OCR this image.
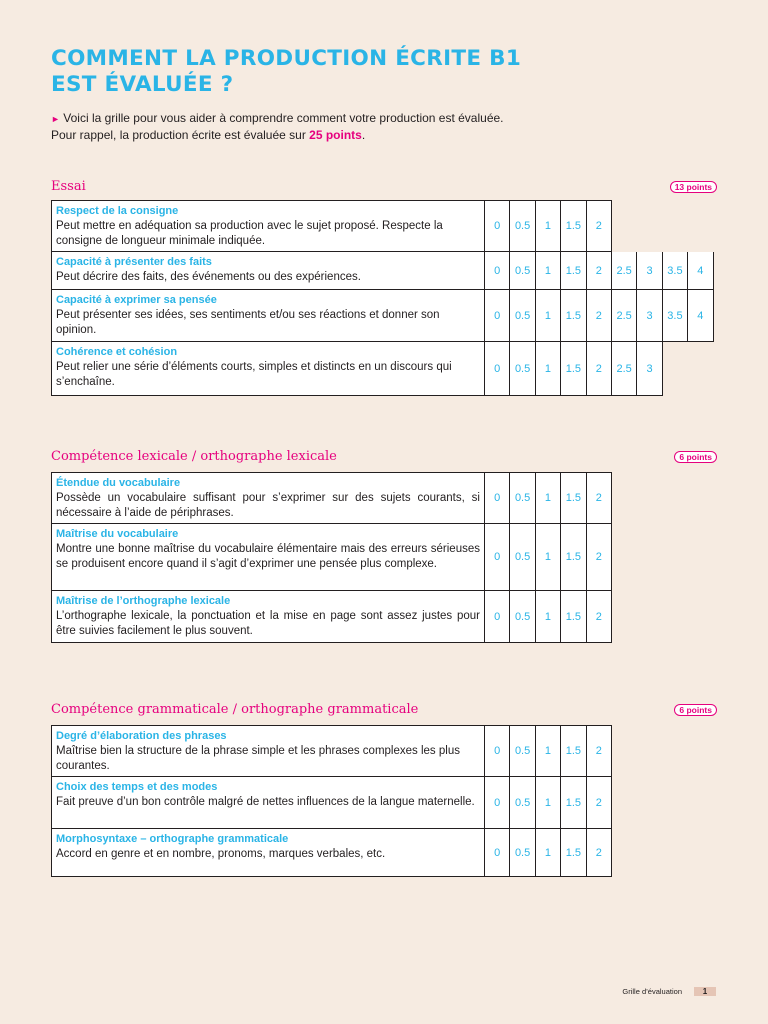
COMMENT LA PRODUCTION ÉCRITE B1
EST ÉVALUÉE ?
► Voici la grille pour vous aider à comprendre comment votre production est évaluée.
Pour rappel, la production écrite est évaluée sur 25 points.
Essai	13 points
Respect de la consigne
Peut mettre en adéquation sa production avec le sujet proposé. Respecte la consigne de longueur minimale indiquée.
0	0.5	1	1.5	2
Capacité à présenter des faits
Peut décrire des faits, des événements ou des expériences.
0	0.5	1	1.5	2	2.5	3	3.5	4
Capacité à exprimer sa pensée
Peut présenter ses idées, ses sentiments et/ou ses réactions et donner son opinion.
0	0.5	1	1.5	2	2.5	3	3.5	4
Cohérence et cohésion
Peut relier une série d’éléments courts, simples et distincts en un discours qui s’enchaîne.
0	0.5	1	1.5	2	2.5	3
Compétence lexicale / orthographe lexicale	6 points
Étendue du vocabulaire
Possède un vocabulaire suffisant pour s’exprimer sur des sujets courants, si nécessaire à l’aide de périphrases.
0	0.5	1	1.5	2
Maîtrise du vocabulaire
Montre une bonne maîtrise du vocabulaire élémentaire mais des erreurs sérieuses se produisent encore quand il s’agit d’exprimer une pensée plus complexe.
0	0.5	1	1.5	2
Maîtrise de l’orthographe lexicale
L’orthographe lexicale, la ponctuation et la mise en page sont assez justes pour être suivies facilement le plus souvent.
0	0.5	1	1.5	2
Compétence grammaticale / orthographe grammaticale	6 points
Degré d’élaboration des phrases
Maîtrise bien la structure de la phrase simple et les phrases complexes les plus courantes.
0	0.5	1	1.5	2
Choix des temps et des modes
Fait preuve d’un bon contrôle malgré de nettes influences de la langue maternelle.	0	0.5	1	1.5	2
Morphosyntaxe – orthographe grammaticale
Accord en genre et en nombre, pronoms, marques verbales, etc.	0	0.5	1	1.5	2
Grille d’évaluation	1
